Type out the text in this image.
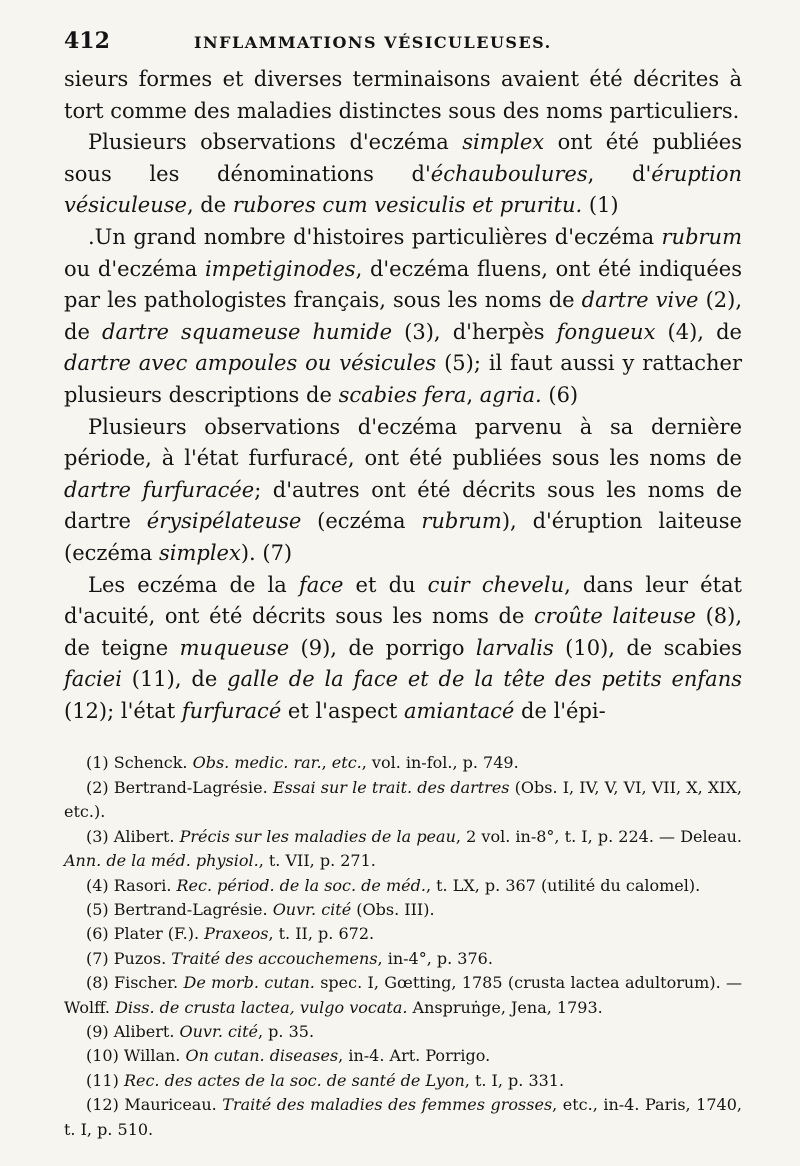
412	INFLAMMATIONS VÉSICULEUSES.

sieurs formes et diverses terminaisons avaient été décrites à tort comme des maladies distinctes sous des noms particuliers.

Plusieurs observations d'eczéma simplex ont été publiées sous les dénominations d'échauboulures, d'éruption vésiculeuse, de rubores cum vesiculis et pruritu. (1)

.Un grand nombre d'histoires particulières d'eczéma rubrum ou d'eczéma impetiginodes, d'eczéma fluens, ont été indiquées par les pathologistes français, sous les noms de dartre vive (2), de dartre squameuse humide (3), d'herpès fongueux (4), de dartre avec ampoules ou vésicules (5); il faut aussi y rattacher plusieurs descriptions de scabies fera, agria. (6)

Plusieurs observations d'eczéma parvenu à sa dernière période, à l'état furfuracé, ont été publiées sous les noms de dartre furfuracée; d'autres ont été décrits sous les noms de dartre érysipélateuse (eczéma rubrum), d'éruption laiteuse (eczéma simplex). (7)

Les eczéma de la face et du cuir chevelu, dans leur état d'acuité, ont été décrits sous les noms de croûte laiteuse (8), de teigne muqueuse (9), de porrigo larvalis (10), de scabies faciei (11), de galle de la face et de la tête des petits enfans (12); l'état furfuracé et l'aspect amiantacé de l'épi-

(1) Schenck. Obs. medic. rar., etc., vol. in-fol., p. 749.

(2) Bertrand-Lagrésie. Essai sur le trait. des dartres (Obs. I, IV, V, VI, VII, X, XIX, etc.).

(3) Alibert. Précis sur les maladies de la peau, 2 vol. in-8°, t. I, p. 224. — Deleau. Ann. de la méd. physiol., t. VII, p. 271.

(4) Rasori. Rec. périod. de la soc. de méd., t. LX, p. 367 (utilité du calomel).

(5) Bertrand-Lagrésie. Ouvr. cité (Obs. III).

(6) Plater (F.). Praxeos, t. II, p. 672.

(7) Puzos. Traité des accouchemens, in-4°, p. 376.

(8) Fischer. De morb. cutan. spec. I, Gœtting, 1785 (crusta lactea adultorum). — Wolff. Diss. de crusta lactea, vulgo vocata. Anspruṅge, Jena, 1793.

(9) Alibert. Ouvr. cité, p. 35.

(10) Willan. On cutan. diseases, in-4. Art. Porrigo.

(11) Rec. des actes de la soc. de santé de Lyon, t. I, p. 331.

(12) Mauriceau. Traité des maladies des femmes grosses, etc., in-4. Paris, 1740, t. I, p. 510.
